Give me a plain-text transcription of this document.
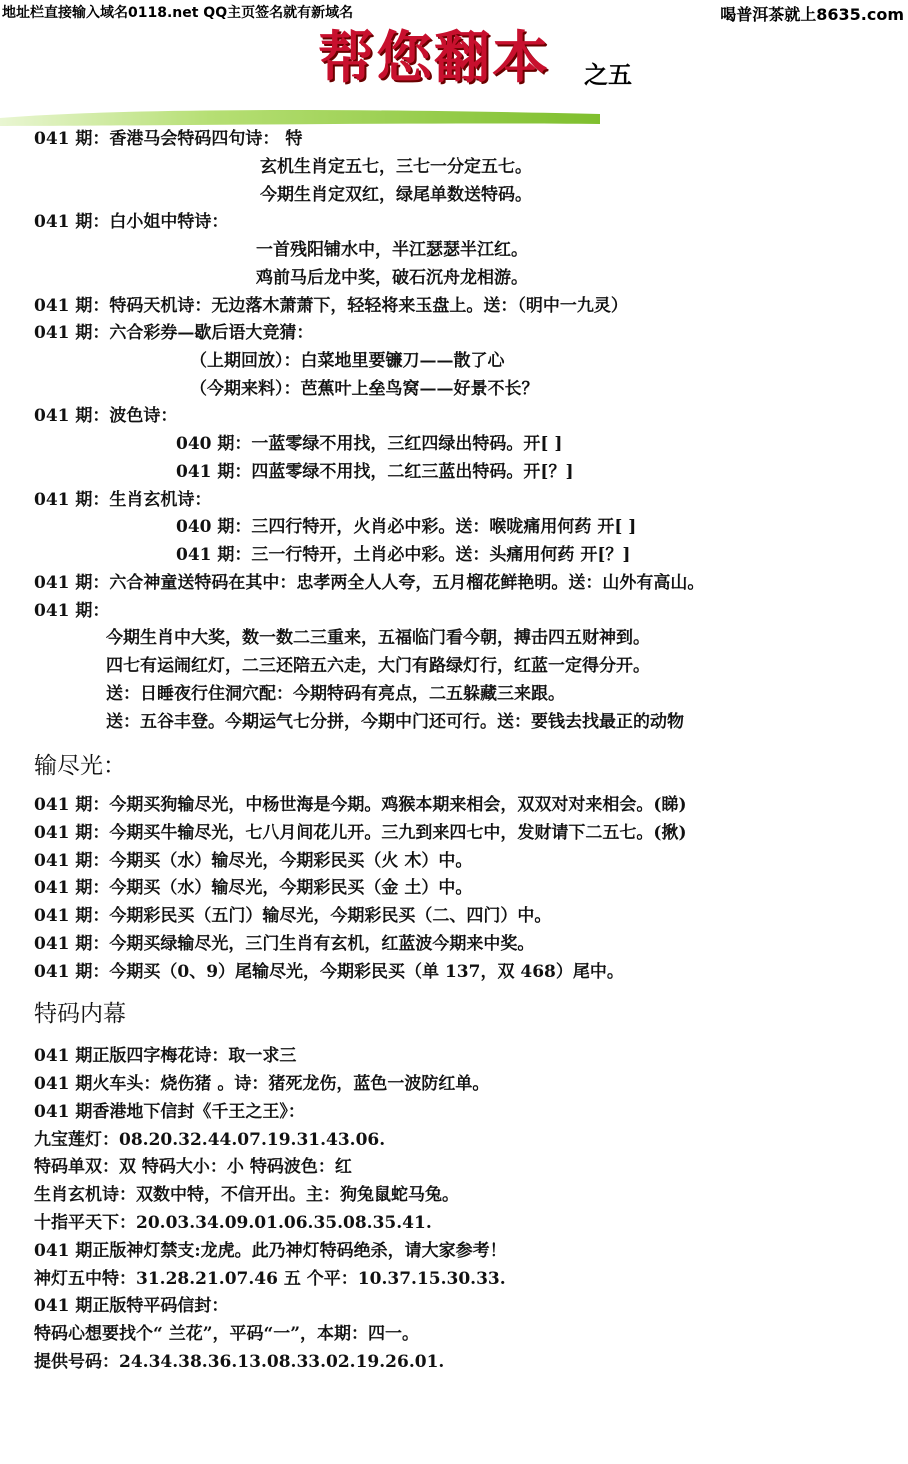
地址栏直接输入域名0118.net QQ主页签名就有新域名	喝普洱茶就上8635.com
帮您翻本 之五
041 期：香港马会特码四句诗： 特
玄机生肖定五七，三七一分定五七。
今期生肖定双红，绿尾单数送特码。
041 期：白小姐中特诗：
一首残阳铺水中，半江瑟瑟半江红。
鸡前马后龙中奖，破石沉舟龙相游。
041 期：特码天机诗：无边落木萧萧下，轻轻将来玉盘上。送：（明中一九灵）
041 期：六合彩券—歇后语大竞猜：
（上期回放）：白菜地里要镰刀——散了心
（今期来料）：芭蕉叶上垒鸟窝——好景不长？
041 期：波色诗：
040 期：一蓝零绿不用找，三红四绿出特码。开[ ]
041 期：四蓝零绿不用找，二红三蓝出特码。开[？]
041 期：生肖玄机诗：
040 期：三四行特开，火肖必中彩。送：喉咙痛用何药 开[ ]
041 期：三一行特开，土肖必中彩。送：头痛用何药 开[？]
041 期：六合神童送特码在其中：忠孝两全人人夸，五月榴花鲜艳明。送：山外有高山。
041 期：
今期生肖中大奖，数一数二三重来，五福临门看今朝，搏击四五财神到。
四七有运闹红灯，二三还陪五六走，大门有路绿灯行，红蓝一定得分开。
送：日睡夜行住洞穴配：今期特码有亮点，二五躲藏三来跟。
送：五谷丰登。今期运气七分拼，今期中门还可行。送：要钱去找最正的动物
输尽光：
041 期：今期买狗输尽光，中杨世海是今期。鸡猴本期来相会，双双对对来相会。(睇)
041 期：今期买牛输尽光，七八月间花儿开。三九到来四七中，发财请下二五七。(揪)
041 期：今期买（水）输尽光，今期彩民买（火 木）中。
041 期：今期买（水）输尽光，今期彩民买（金 土）中。
041 期：今期彩民买（五门）输尽光，今期彩民买（二、四门）中。
041 期：今期买绿输尽光，三门生肖有玄机，红蓝波今期来中奖。
041 期：今期买（0、9）尾输尽光，今期彩民买（单 137，双 468）尾中。
特码内幕
041 期正版四字梅花诗：取一求三
041 期火车头：烧伤猪 。诗：猪死龙伤，蓝色一波防红单。
041 期香港地下信封《千王之王》：
九宝莲灯：08.20.32.44.07.19.31.43.06.
特码单双：双 特码大小：小 特码波色：红
生肖玄机诗：双数中特，不信开出。主：狗兔鼠蛇马兔。
十指平天下：20.03.34.09.01.06.35.08.35.41.
041 期正版神灯禁支:龙虎。此乃神灯特码绝杀，请大家参考！
神灯五中特：31.28.21.07.46 五 个平：10.37.15.30.33.
041 期正版特平码信封：
特码心想要找个“ 兰花”，平码“一”，本期：四一。
提供号码：24.34.38.36.13.08.33.02.19.26.01.
